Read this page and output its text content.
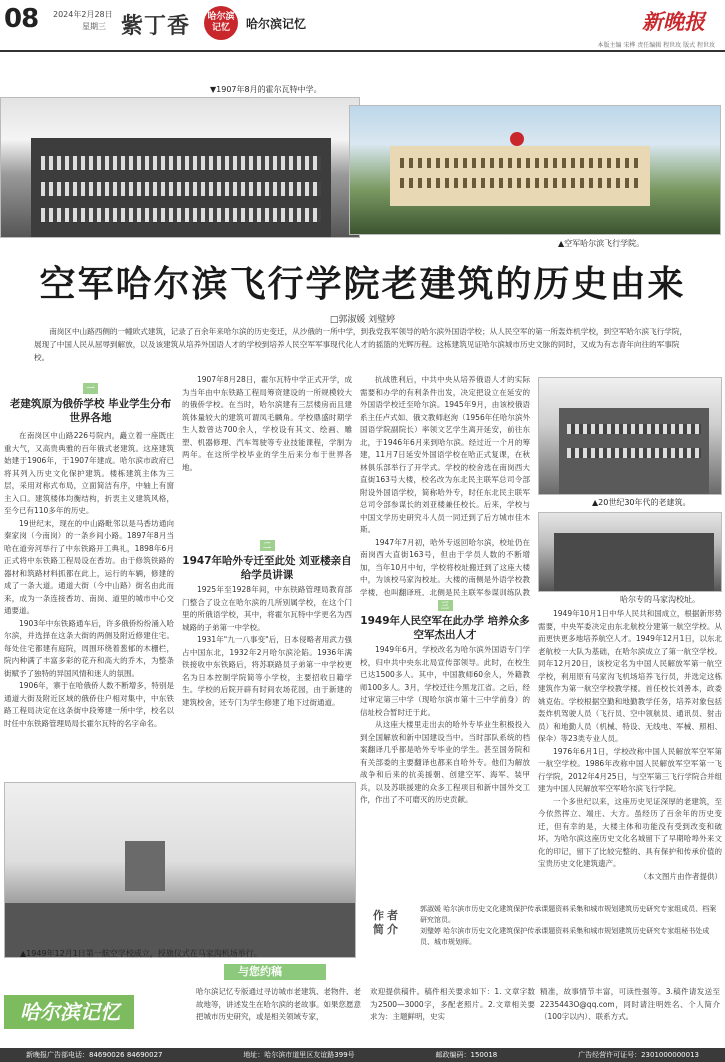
08 2024年2月28日
星期三 紫丁香	哈尔滨记忆	哈尔滨记忆	新晚报
本版主编 宋桦 责任编辑 程世玫 版式 程世玫
▼1907年8月的霍尔瓦特中学。
▲空军哈尔滨飞行学院。
空军哈尔滨飞行学院老建筑的历史由来
□郭淑媛 刘璧婷
南岗区中山路西侧的一幢欧式建筑，记录了百余年来哈尔滨的历史变迁，从沙俄的一所中学，到我党我军领导的哈尔滨外国语学校；从人民空军的第一所轰炸机学校，到空军哈尔滨飞行学院，展现了中国人民从屈辱到解放，以及该建筑从培养外国语人才的学校到培养人民空军军事现代化人才的摇篮的光辉历程。这栋建筑见证哈尔滨城市历史文脉的同时，又成为有志青年向往的军事院校。
一
老建筑原为俄侨学校 毕业学生分布世界各地

在南岗区中山路226号院内，矗立着一座既庄重大气，又高贵典雅的百年俄式老建筑。这座建筑始建于1906年，于1907年建成。哈尔滨市政府已将其列入历史文化保护建筑。楼栋建筑主体为三层，采用对称式布局，立面简洁有序，中轴上有窗主入口。建筑楼体均衡结构，折衷主义建筑风格，至今已有110多年的历史。

19世纪末，现在的中山路毗邻以是马香坊通向秦家岗（今南岗）的一条乡间小路。1897年8月当哈在道旁河举行了中东铁路开工典礼，1898年6月正式将中东铁路工程局设在香坊。由于修筑铁路的器材和筑路材料抓都在此上，运行的车辆，修建的成了一条大道。通道大街（今中山路）街名由此而来，成为一条连接香坊、南岗、道里的城市中心交通要道。

1903年中东铁路通车后，许多俄侨纷纷涌入哈尔滨，并选择在这条大街的两侧及附近修建住宅。每处住宅都建有庭院，周围环绕着葱郁的木栅栏，院内种满了丰富多彩的花卉和高大的乔木，为整条街赋予了独特的异国风情和迷人的氛围。

1906年，寨于在哈俄侨人数不断增多，特别是通道大街及附近区域的俄侨住户相对集中，中东铁路工程局决定在这条街中段筹建一所中学，校名以时任中东铁路管理局局长霍尔瓦特的名字命名。

1907年8月28日，霍尔瓦特中学正式开学，成为当年由中东铁路工程局筹资建设的一所规模较大的俄侨学校。在当时，哈尔滨建有三层楼房而且建筑体量较大的建筑可谓凤毛麟角。学校鼎盛时期学生人数曾达700余人，学校设有其文、绘画、雕塑、机器修理、汽车驾驶等专业技能课程，学制为两年。在这所学校毕业的学生后来分布于世界各地。

二
1947年哈外专迁至此处 刘亚楼亲自给学员讲课

1925年至1928年间，中东铁路管理局教育部门整合了设立在哈尔滨的几所别属学校，在这个门里的所俄语学校，其中，将霍尔瓦特中学更名为西城路的子弟第一中学校。

1931年"九一八事变"后，日本侵略者用武力强占中国东北，1932年2月哈尔滨沦陷。1936年满铁接收中东铁路后，将苏联路员子弟第一中学校更名为日本控制学院简等小学校，主要招收日籍学生。学校的后院开辟有时间农场花园，由于新建的建筑校舍，还专门为学生修建了地下过街通道。

抗战胜利后，中共中央从培养俄语人才的实际需要和办学的有利条件出发，决定把设立在延安的外国语学校迁至哈尔滨。1945年9月，由该校俄语系主任卢式如、俄文教师赵洵（1956年任哈尔滨外国语学院副院长）率领文艺学生离开延安，前往东北，于1946年6月来到哈尔滨。经过近一个月的筹建，11月7日延安外国语学校在哈正式复课，在秋林俱乐部举行了开学式。学校的校舍选在南岗西大直街163号大楼，校名改为东北民主联军总司令部附设外国语学校，简称哈外专，时任东北民主联军总司令部参谋长的刘亚楼兼任校长。后来，学校与中国文学历史研究斗人员一同迁到了后方城市佳木斯。

1947年7月初，哈外专返回哈尔滨，校址仍在南岗西大直街163号，但由于学员人数的不断增加，当年10月中旬，学校将校址搬迁到了这座大楼中，为该校马家沟校址。大楼的南侧是外语学校教学楼，也叫翻译班，北侧是民主联军参谋训练队教

三
1949年人民空军在此办学 培养众多空军杰出人才

1949年6月，学校改名为哈尔滨外国语专门学校，归中共中央东北局宣传部领导。此时，在校生已达1500多人。其中，中国教师60余人，外籍教师100多人。3月，学校迁往今黑龙江省。之后，经过审定第三中学（现哈尔滨市第十三中学前身）的信址校合暂时迁于此。

从这座大楼里走出去的哈外专毕业生积极投入到全国解放和新中国建设当中。当时部队系统的档案翻译几乎都是哈外专毕业的学生。甚至国务院和有关部委的主要翻译也都来自哈外专。他们为解放战争和后来的抗美援朝、创建空军、海军、装甲兵，以及苏联援建的众多工程项目和新中国外交工作，作出了不可磨灭的历史贡献。

▲20世纪30年代的老建筑。
哈尔专的马家沟校址。

1949年10月1日中华人民共和国成立，根据新形势需要，中央军委决定由东北航校分建第一航空学校。从而更快更多地培养航空人才。1949年12月1日，以东北老航校一大队为基础，在哈尔滨成立了第一航空学校。同年12月20日，该校定名为中国人民解放军第一航空学校，利用原有马家沟飞机场培养飞行员，并选定这栋建筑作为第一航空学校教学楼。首任校长刘善本，政委姚克佑。学校根据空勤和地勤教学任务，培养对象包括轰炸机驾驶人员（飞行员、空中领航员、通讯员、射击员）和地勤人员（机械、特设、无线电、军械、照相、保伞）等23类专业人员。

1976年6月1日，学校改称中国人民解放军空军第一航空学校。1986年改称中国人民解放军空军第一飞行学院，2012年4月25日，与空军第三飞行学院合并组建为中国人民解放军空军哈尔滨飞行学院。

一个多世纪以来，这座历史见证深厚的老建筑，至今依然挥立、端庄、大方。虽经历了百余年的历史变迁，但有幸的是，大楼主体和功能没有受到改变和破坏。为哈尔滨这座历史文化名城留下了早期哈埠外来文化的印记，留下了比较完整的、具有保护和传承价值的宝贵历史文化建筑遗产。

（本文图片由作者提供）

▲1949年12月1日第一航空学校成立，授旗仪式在马家沟机场举行。
作者简介
郭淑媛 哈尔滨市历史文化建筑保护传承课题资料采集和城市规划建筑历史研究专家组成员、档案研究馆员。
刘璧婷 哈尔滨市历史文化建筑保护传承课题资料采集和城市规划建筑历史研究专家组秘书处成员、城市规划师。
与您约稿
哈尔滨记忆
哈尔滨记忆专版通过寻访城市老建筑、老物件、老故地等，讲述发生在哈尔滨的老故事。如果您愿意把城市历史研究，或是相关领域专家，
欢迎提供稿件。稿件相关要求如下：1. 文章字数为2500—3000字，多配老照片。2.文章相关要求为：主题鲜明，史实
精准，故事情节丰富，可读性强等。3.稿件请发送至2235443O@qq.com，同时请注明姓名、个人简介（100字以内）、联系方式。
新晚报广告部电话：84690026 84690027	地址：哈尔滨市道里区友谊路399号	邮政编码：150018	广告经营许可证号：2301000000013
